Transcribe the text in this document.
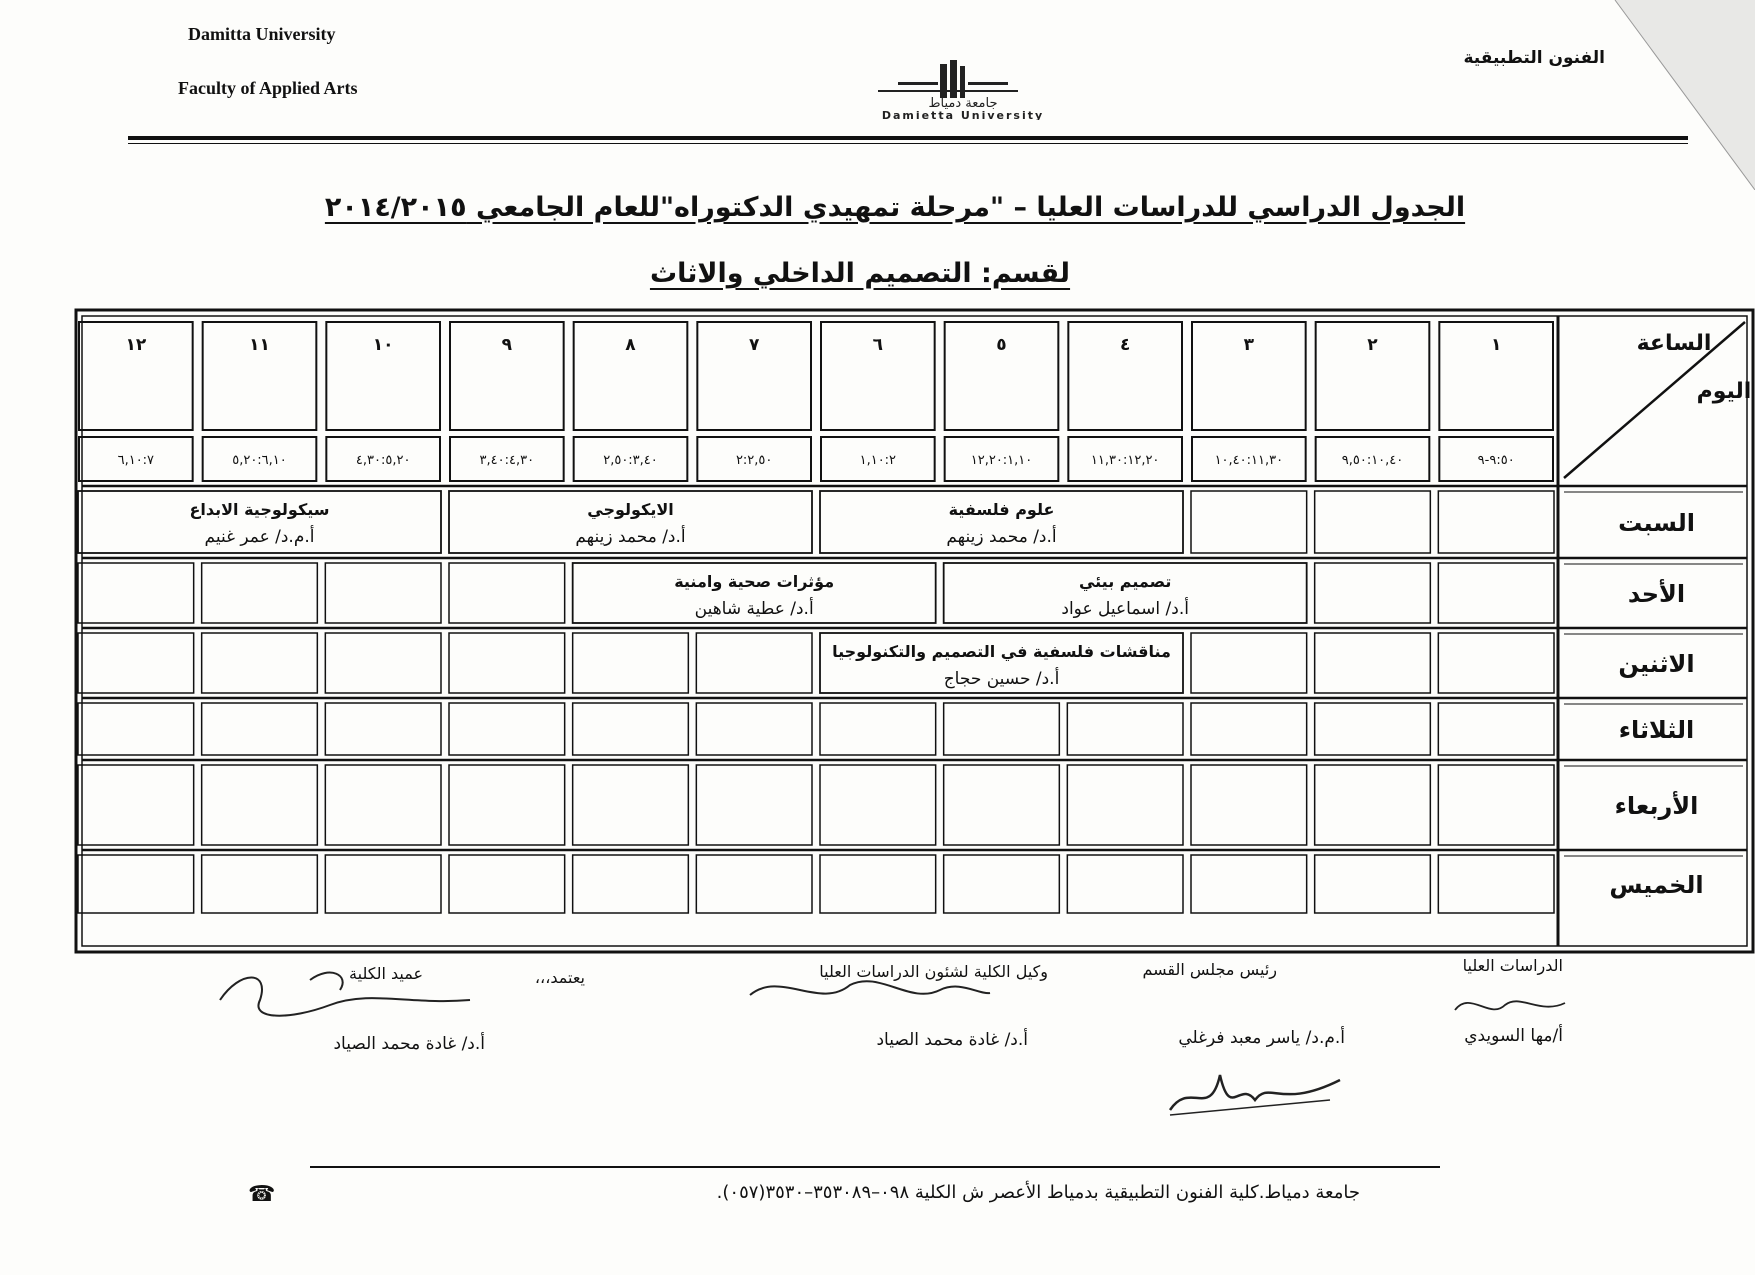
Damitta University
Faculty of Applied Arts
جامعة دمياط
Damietta University
الفنون التطبيقية
الجدول الدراسي للدراسات العليا – "مرحلة تمهيدي الدكتوراه"للعام الجامعي ٢٠١٤/٢٠١٥
لقسم: التصميم الداخلي والاثاث
١
٩:٥٠-٩
٢
٩,٥٠:١٠,٤٠
٣
١٠,٤٠:١١,٣٠
٤
١١,٣٠:١٢,٢٠
٥
١٢,٢٠:١,١٠
٦
١,١٠:٢
٧
٢:٢,٥٠
٨
٢,٥٠:٣,٤٠
٩
٣,٤٠:٤,٣٠
١٠
٤,٣٠:٥,٢٠
١١
٥,٢٠:٦,١٠
١٢
٦,١٠:٧
الساعة
اليوم
السبت
الأحد
الاثنين
الثلاثاء
الأربعاء
الخميس
علوم فلسفية
أ.د/ محمد زينهم
الايكولوجي
أ.د/ محمد زينهم
سيكولوجية الابداع
أ.م.د/ عمر غنيم
تصميم بيئي
أ.د/ اسماعيل عواد
مؤثرات صحية وامنية
أ.د/ عطية شاهين
مناقشات فلسفية في التصميم والتكنولوجيا
أ.د/ حسين حجاج
الدراسات العليا
أ/مها السويدي
رئيس مجلس القسم
أ.م.د/ ياسر معبد فرغلي
وكيل الكلية لشئون الدراسات العليا
أ.د/ غادة محمد الصياد
يعتمد،،،
عميد الكلية
أ.د/ غادة محمد الصياد
جامعة دمياط.كلية الفنون التطبيقية بدمياط الأعصر ش الكلية ٠٩٨–٣٥٣٠٨٩–٣٥٣٠(٠٥٧).
☎
